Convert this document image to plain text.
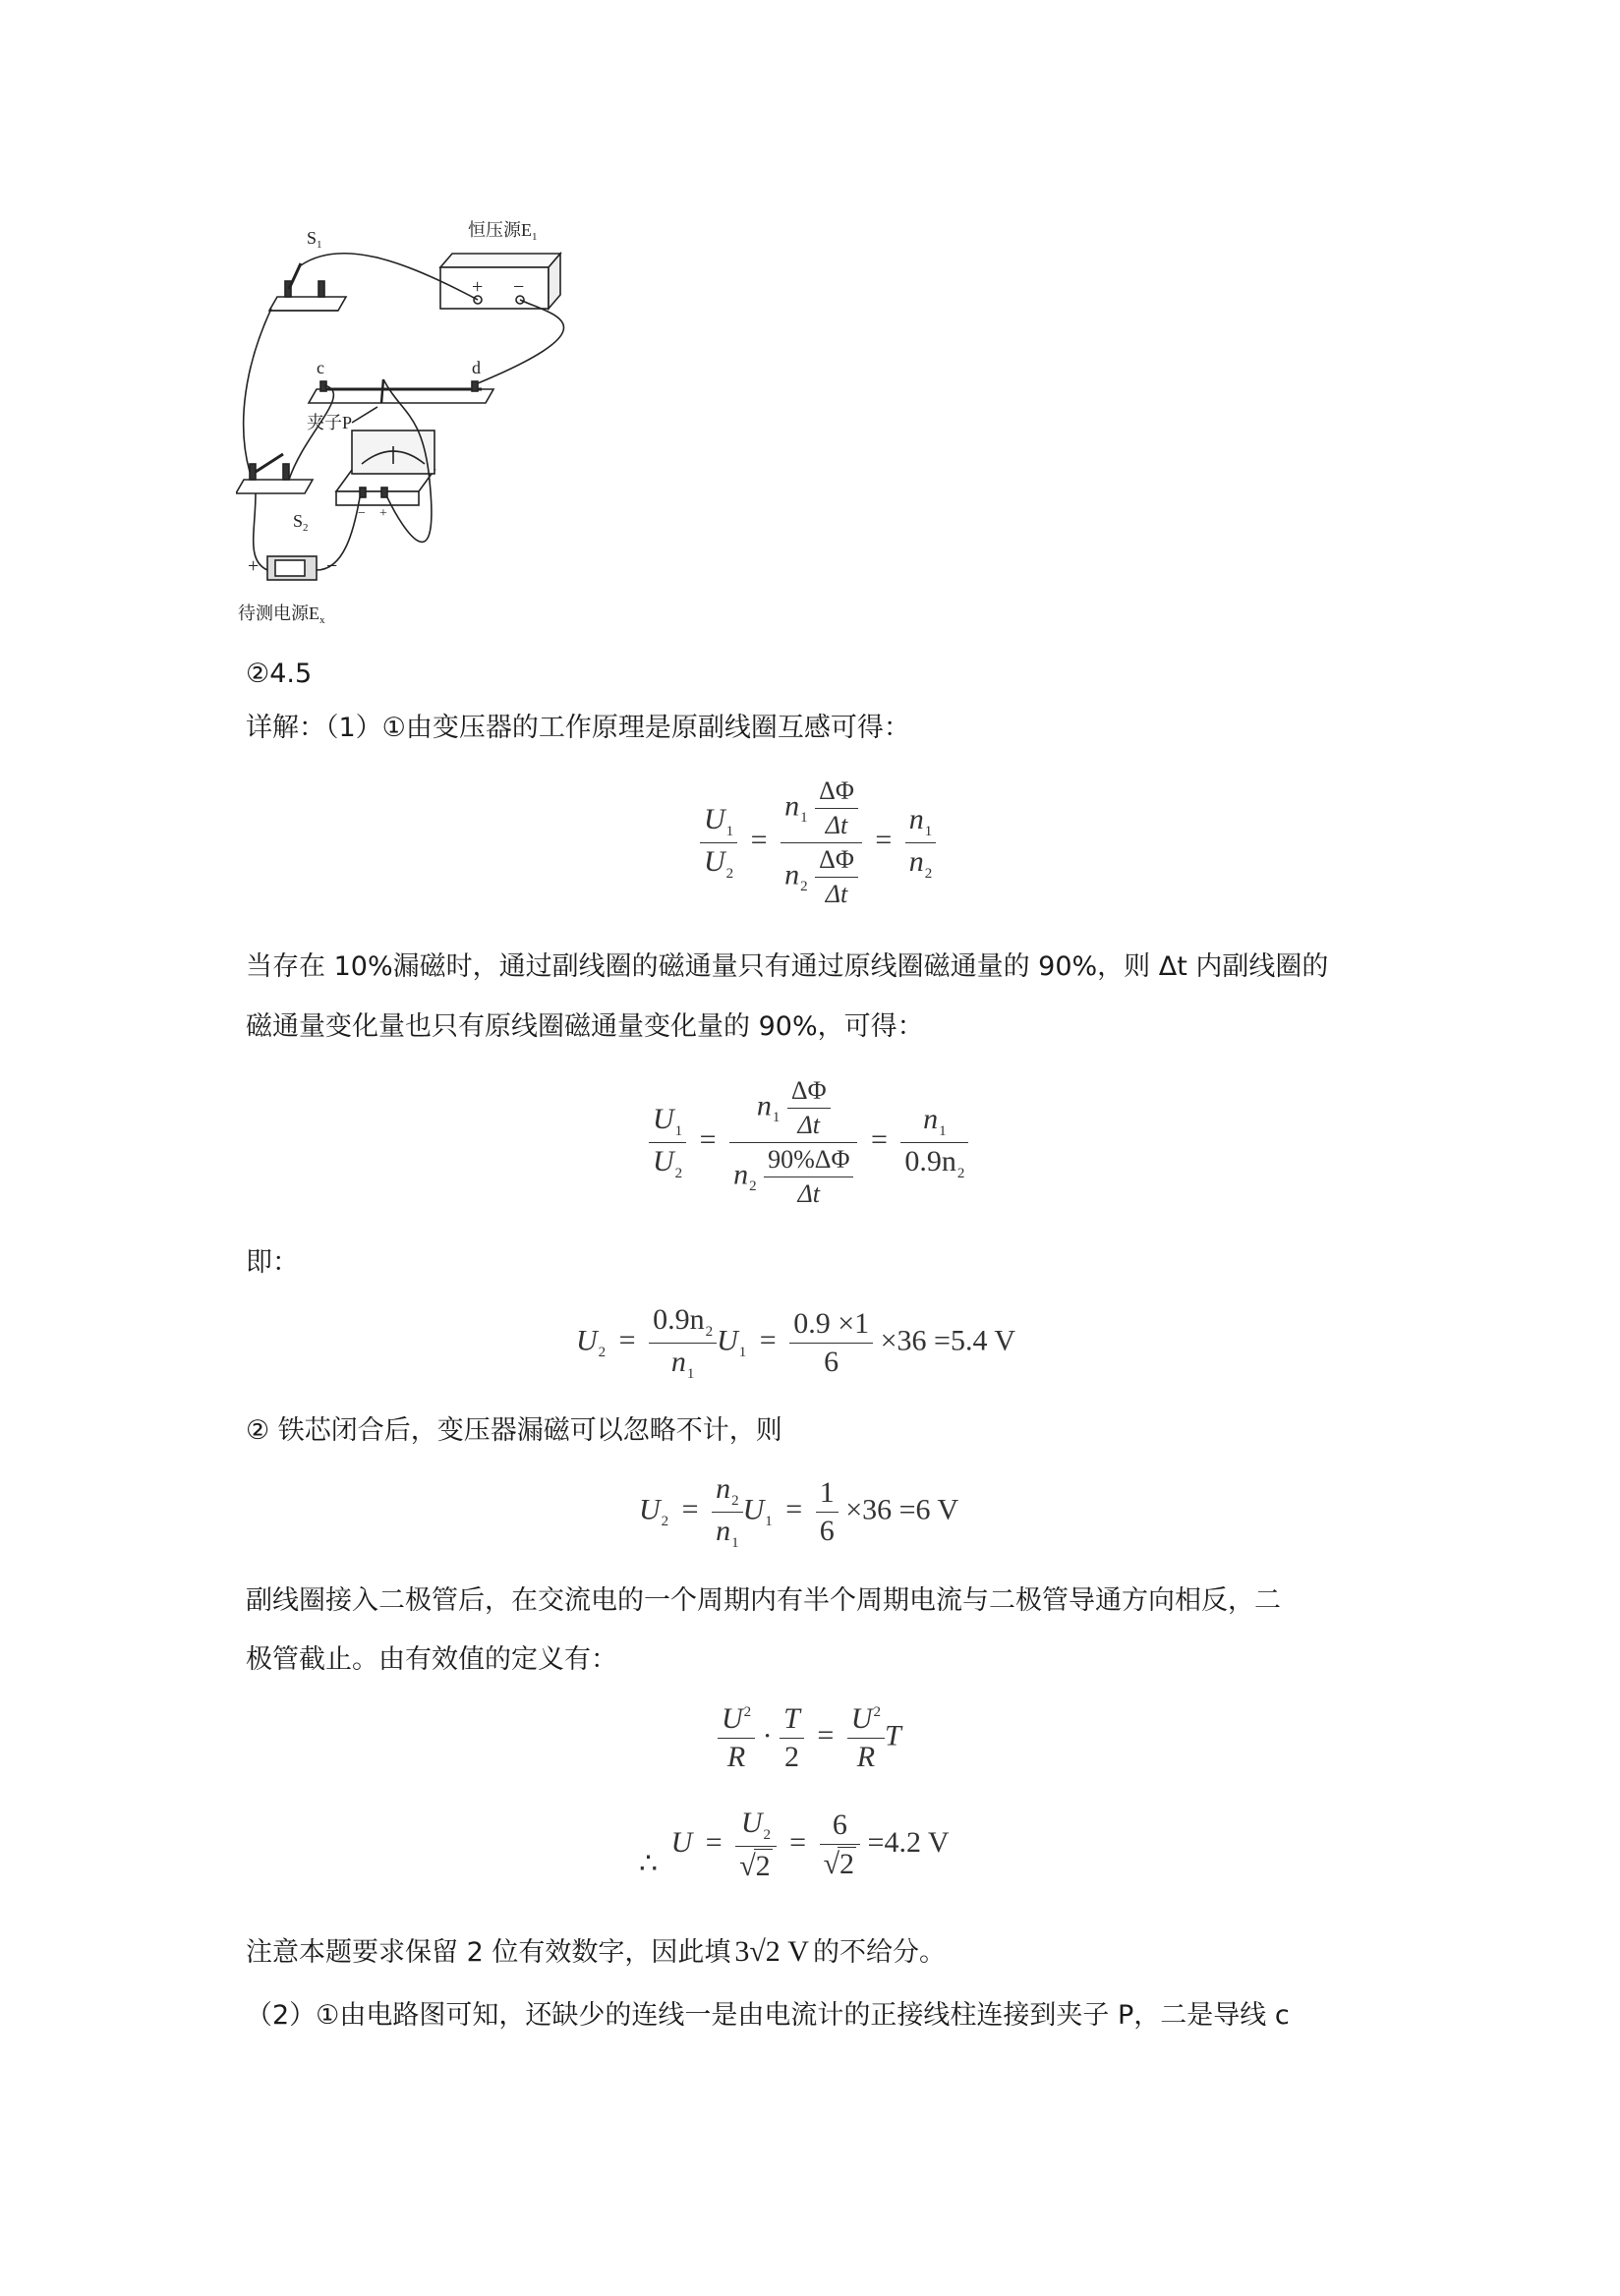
恒压源$E_1$
+ −
$S_1$
$S_2$
c	d
夹子P
待测电源$E_x$
+	−
− +
②4.5
详解：（1）①由变压器的工作原理是原副线圈互感可得：
$\frac{U_1}{U_2} = \frac{n_1 \frac{\Delta\Phi}{\Delta t}}{n_2 \frac{\Delta\Phi}{\Delta t}} = \frac{n_1}{n_2}$
当存在 10%漏磁时，通过副线圈的磁通量只有通过原线圈磁通量的 90%，则 Δt 内副线圈的
磁通量变化量也只有原线圈磁通量变化量的 90%，可得：
$\frac{U_1}{U_2} = \frac{n_1 \frac{\Delta\Phi}{\Delta t}}{n_2 \frac{90\%\Delta\Phi}{\Delta t}} = \frac{n_1}{0.9n_2}$
即：
$U_2 = \frac{0.9n_2}{n_1} U_1 = \frac{0.9 \times 1}{6} \times 36 =5.4$ V
② 铁芯闭合后，变压器漏磁可以忽略不计，则
$U_2 = \frac{n_2}{n_1} U_1 = \frac{1}{6} \times 36 =6$ V
副线圈接入二极管后，在交流电的一个周期内有半个周期电流与二极管导通方向相反，二
极管截止。由有效值的定义有：
$\frac{U^2}{R} \cdot \frac{T}{2} = \frac{U^2}{R}$ T
∴ $U = \frac{U_2}{√2} = \frac{6}{√2} =4.2$ V
注意本题要求保留 2 位有效数字，因此填 3√2 V 的不给分。
（2）①由电路图可知，还缺少的连线一是由电流计的正接线柱连接到夹子 P，二是导线 c
